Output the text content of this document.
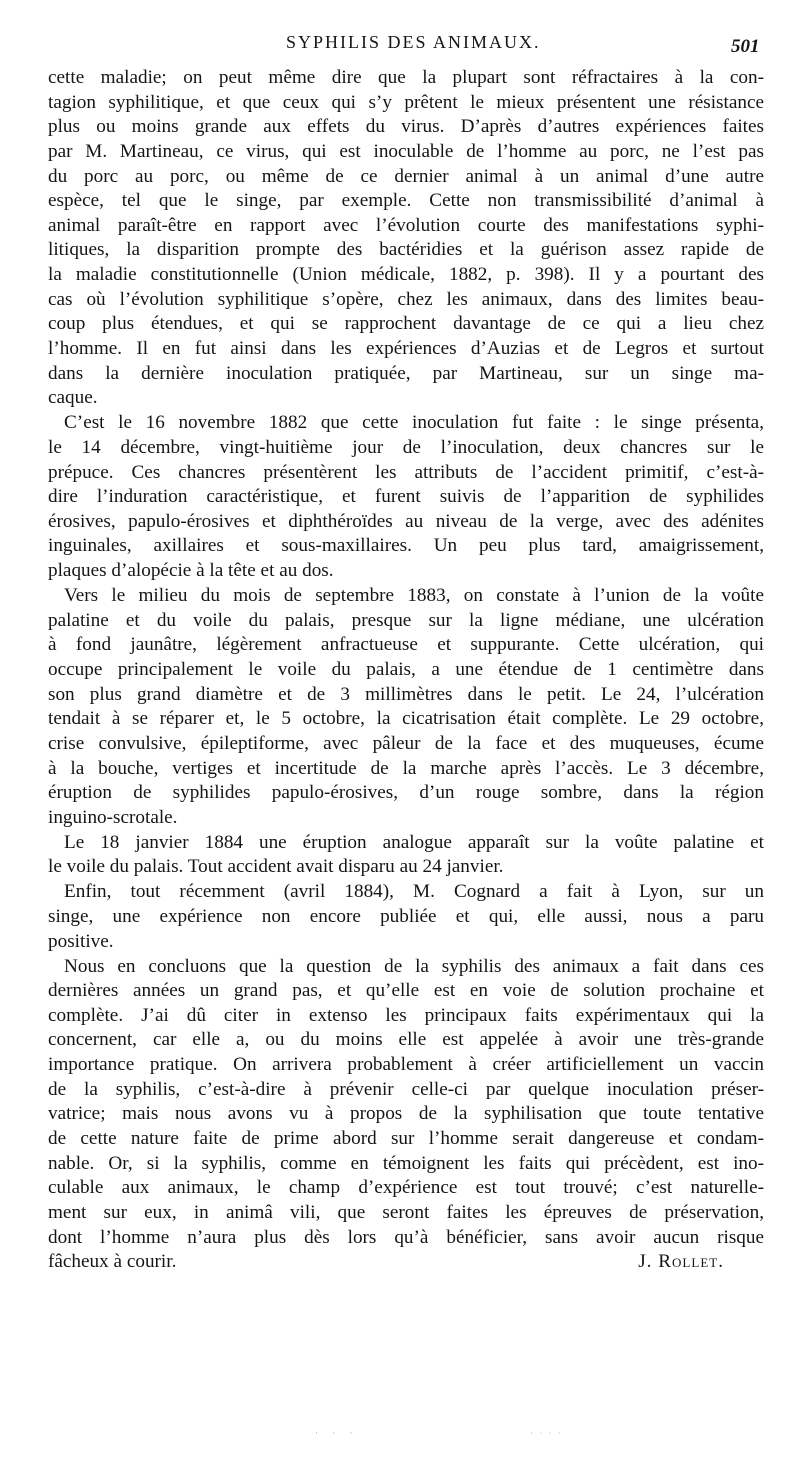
SYPHILIS DES ANIMAUX.	501
cette maladie; on peut même dire que la plupart sont réfractaires à la con-
tagion syphilitique, et que ceux qui s’y prêtent le mieux présentent une résistance
plus ou moins grande aux effets du virus. D’après d’autres expériences faites
par M. Martineau, ce virus, qui est inoculable de l’homme au porc, ne l’est pas
du porc au porc, ou même de ce dernier animal à un animal d’une autre
espèce, tel que le singe, par exemple. Cette non transmissibilité d’animal à
animal paraît-être en rapport avec l’évolution courte des manifestations syphi-
litiques, la disparition prompte des bactéridies et la guérison assez rapide de
la maladie constitutionnelle (Union médicale, 1882, p. 398). Il y a pourtant des
cas où l’évolution syphilitique s’opère, chez les animaux, dans des limites beau-
coup plus étendues, et qui se rapprochent davantage de ce qui a lieu chez
l’homme. Il en fut ainsi dans les expériences d’Auzias et de Legros et surtout
dans la dernière inoculation pratiquée, par Martineau, sur un singe ma-
caque.
C’est le 16 novembre 1882 que cette inoculation fut faite : le singe présenta,
le 14 décembre, vingt-huitième jour de l’inoculation, deux chancres sur le
prépuce. Ces chancres présentèrent les attributs de l’accident primitif, c’est-à-
dire l’induration caractéristique, et furent suivis de l’apparition de syphilides
érosives, papulo-érosives et diphthéroïdes au niveau de la verge, avec des adénites
inguinales, axillaires et sous-maxillaires. Un peu plus tard, amaigrissement,
plaques d’alopécie à la tête et au dos.
Vers le milieu du mois de septembre 1883, on constate à l’union de la voûte
palatine et du voile du palais, presque sur la ligne médiane, une ulcération
à fond jaunâtre, légèrement anfractueuse et suppurante. Cette ulcération, qui
occupe principalement le voile du palais, a une étendue de 1 centimètre dans
son plus grand diamètre et de 3 millimètres dans le petit. Le 24, l’ulcération
tendait à se réparer et, le 5 octobre, la cicatrisation était complète. Le 29 octobre,
crise convulsive, épileptiforme, avec pâleur de la face et des muqueuses, écume
à la bouche, vertiges et incertitude de la marche après l’accès. Le 3 décembre,
éruption de syphilides papulo-érosives, d’un rouge sombre, dans la région
inguino-scrotale.
Le 18 janvier 1884 une éruption analogue apparaît sur la voûte palatine et
le voile du palais. Tout accident avait disparu au 24 janvier.
Enfin, tout récemment (avril 1884), M. Cognard a fait à Lyon, sur un
singe, une expérience non encore publiée et qui, elle aussi, nous a paru
positive.
Nous en concluons que la question de la syphilis des animaux a fait dans ces
dernières années un grand pas, et qu’elle est en voie de solution prochaine et
complète. J’ai dû citer in extenso les principaux faits expérimentaux qui la
concernent, car elle a, ou du moins elle est appelée à avoir une très-grande
importance pratique. On arrivera probablement à créer artificiellement un vaccin
de la syphilis, c’est-à-dire à prévenir celle-ci par quelque inoculation préser-
vatrice; mais nous avons vu à propos de la syphilisation que toute tentative
de cette nature faite de prime abord sur l’homme serait dangereuse et condam-
nable. Or, si la syphilis, comme en témoignent les faits qui précèdent, est ino-
culable aux animaux, le champ d’expérience est tout trouvé; c’est naturelle-
ment sur eux, in animâ vili, que seront faites les épreuves de préservation,
dont l’homme n’aura plus dès lors qu’à bénéficier, sans avoir aucun risque
fâcheux à courir.	J. Rollet.
· · ·	· · · ·
